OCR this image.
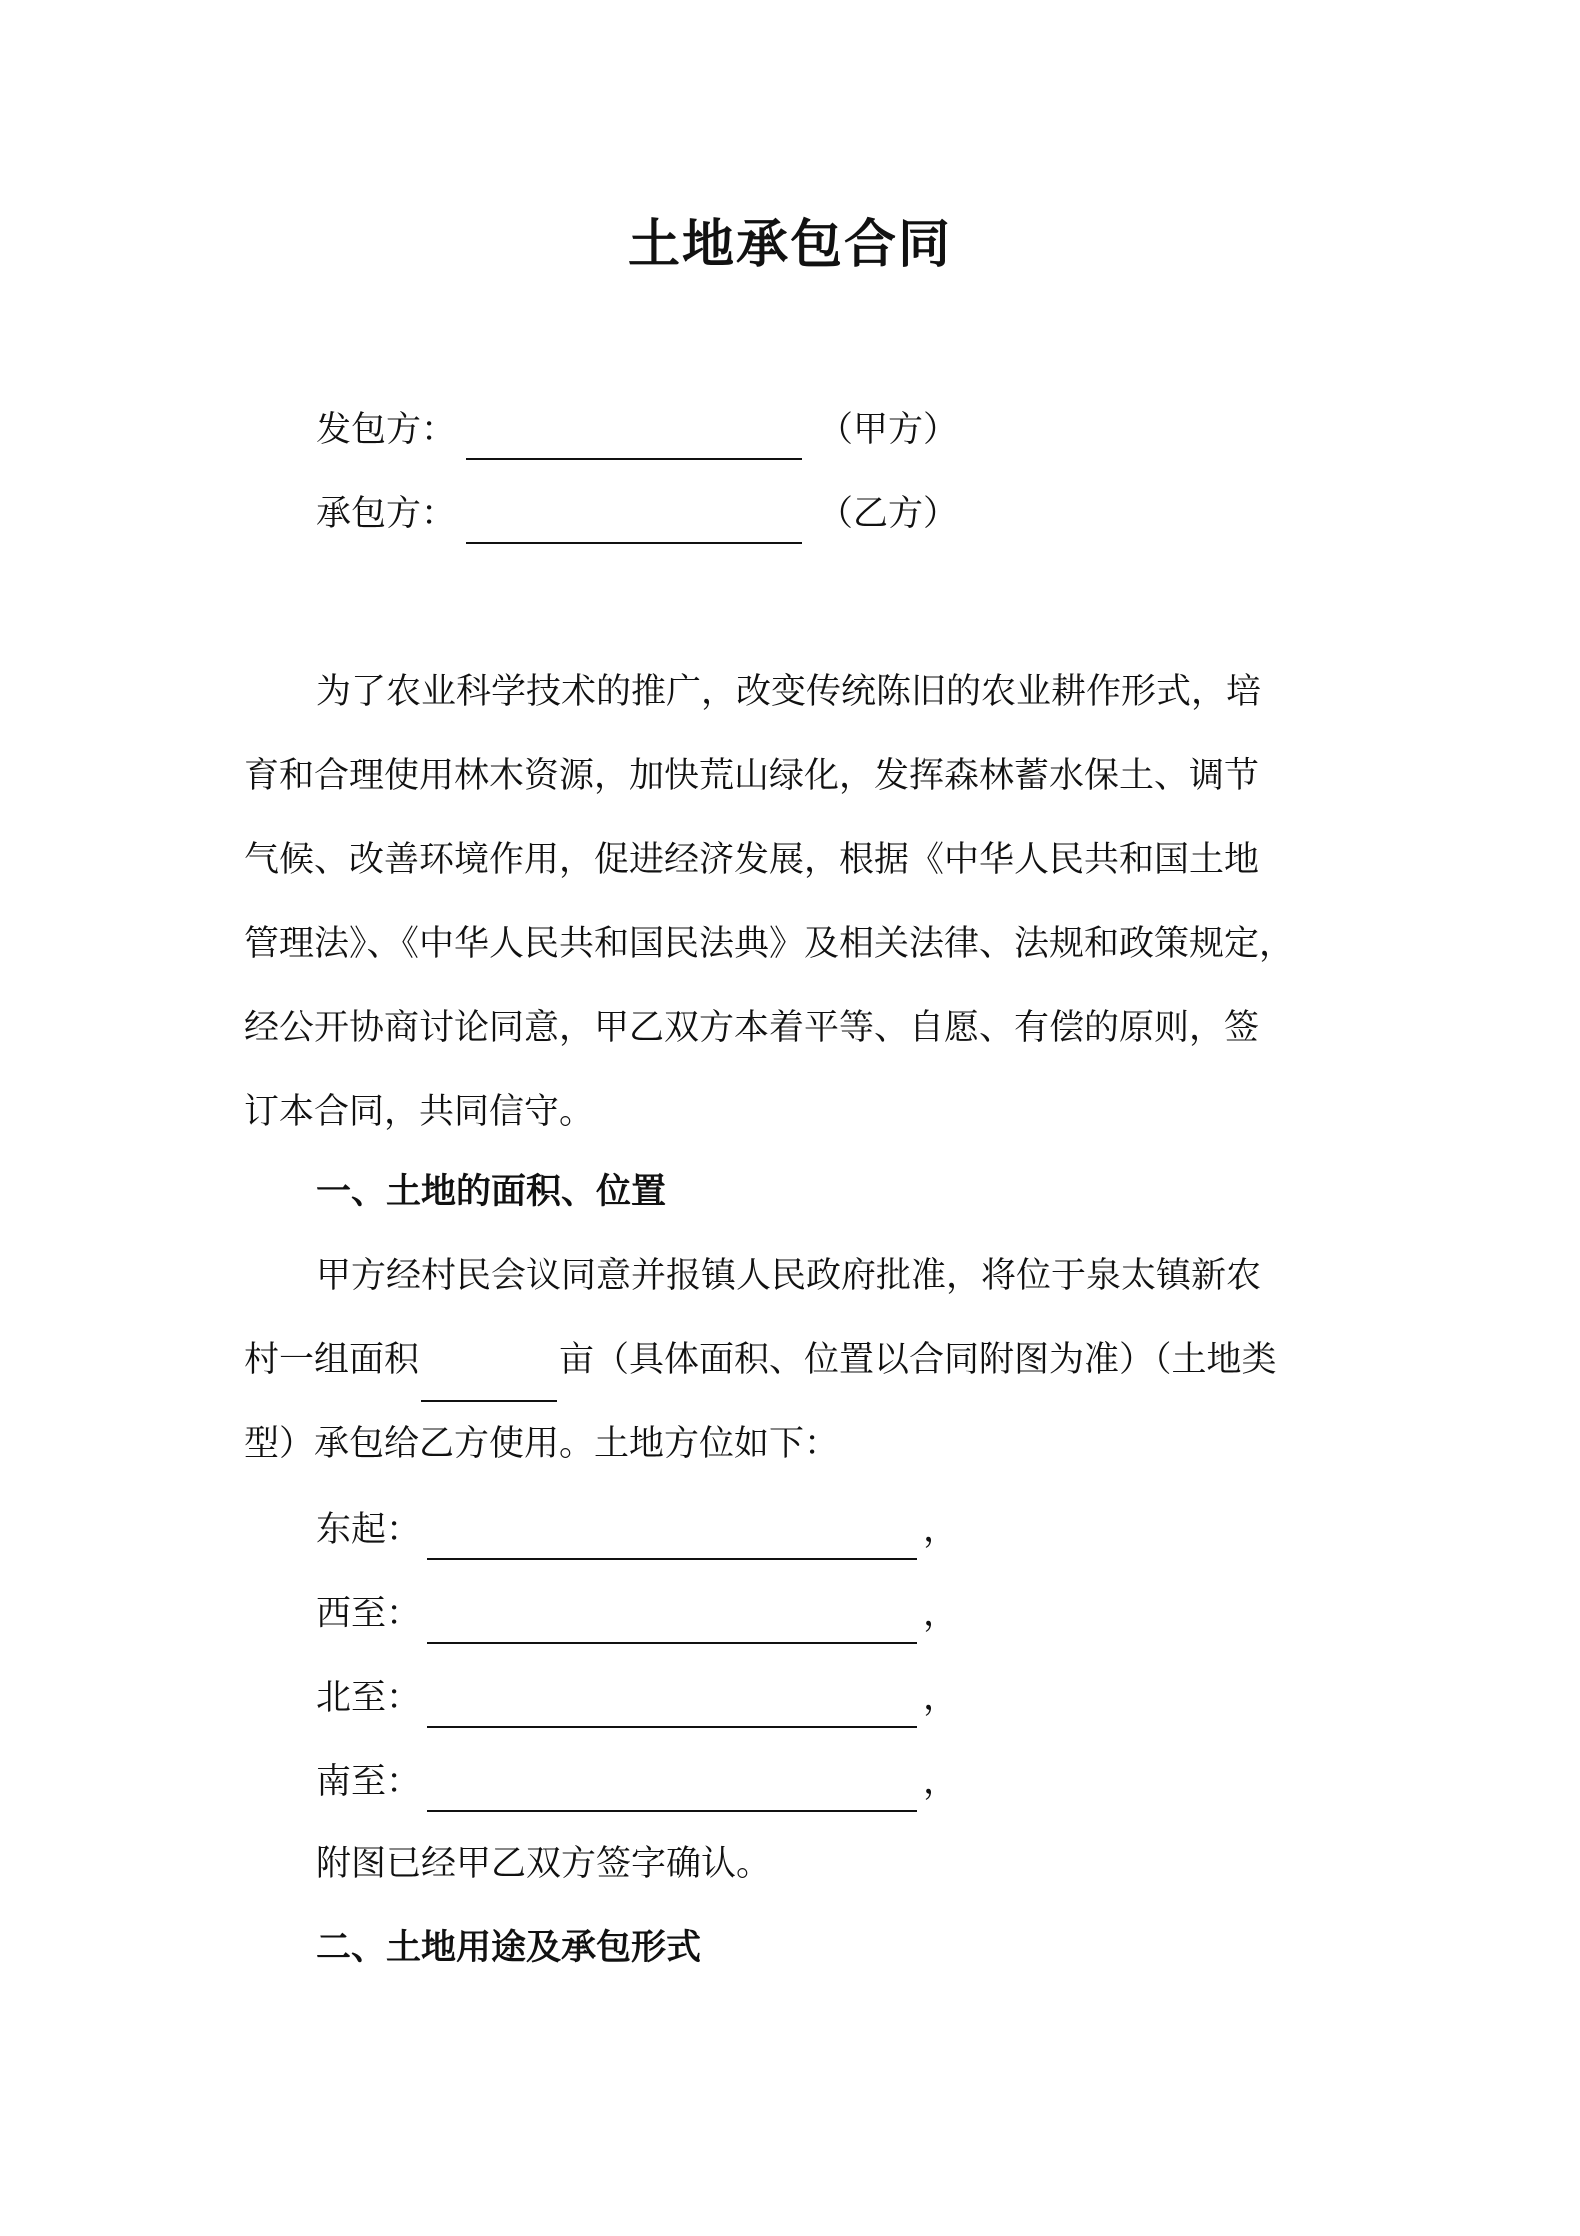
土地承包合同
发包方：	（甲方）
承包方：	（乙方）
为了农业科学技术的推广，改变传统陈旧的农业耕作形式，培
育和合理使用林木资源，加快荒山绿化，发挥森林蓄水保土、调节
气候、改善环境作用，促进经济发展，根据《中华人民共和国土地
管理法》、《中华人民共和国民法典》及相关法律、法规和政策规定，
经公开协商讨论同意，甲乙双方本着平等、自愿、有偿的原则，签
订本合同，共同信守。
一、土地的面积、位置
甲方经村民会议同意并报镇人民政府批准，将位于泉太镇新农
村一组面积	亩（具体面积、位置以合同附图为准）（土地类
型）承包给乙方使用。土地方位如下：
东起：	，
西至：	，
北至：	，
南至：	，
附图已经甲乙双方签字确认。
二、土地用途及承包形式
